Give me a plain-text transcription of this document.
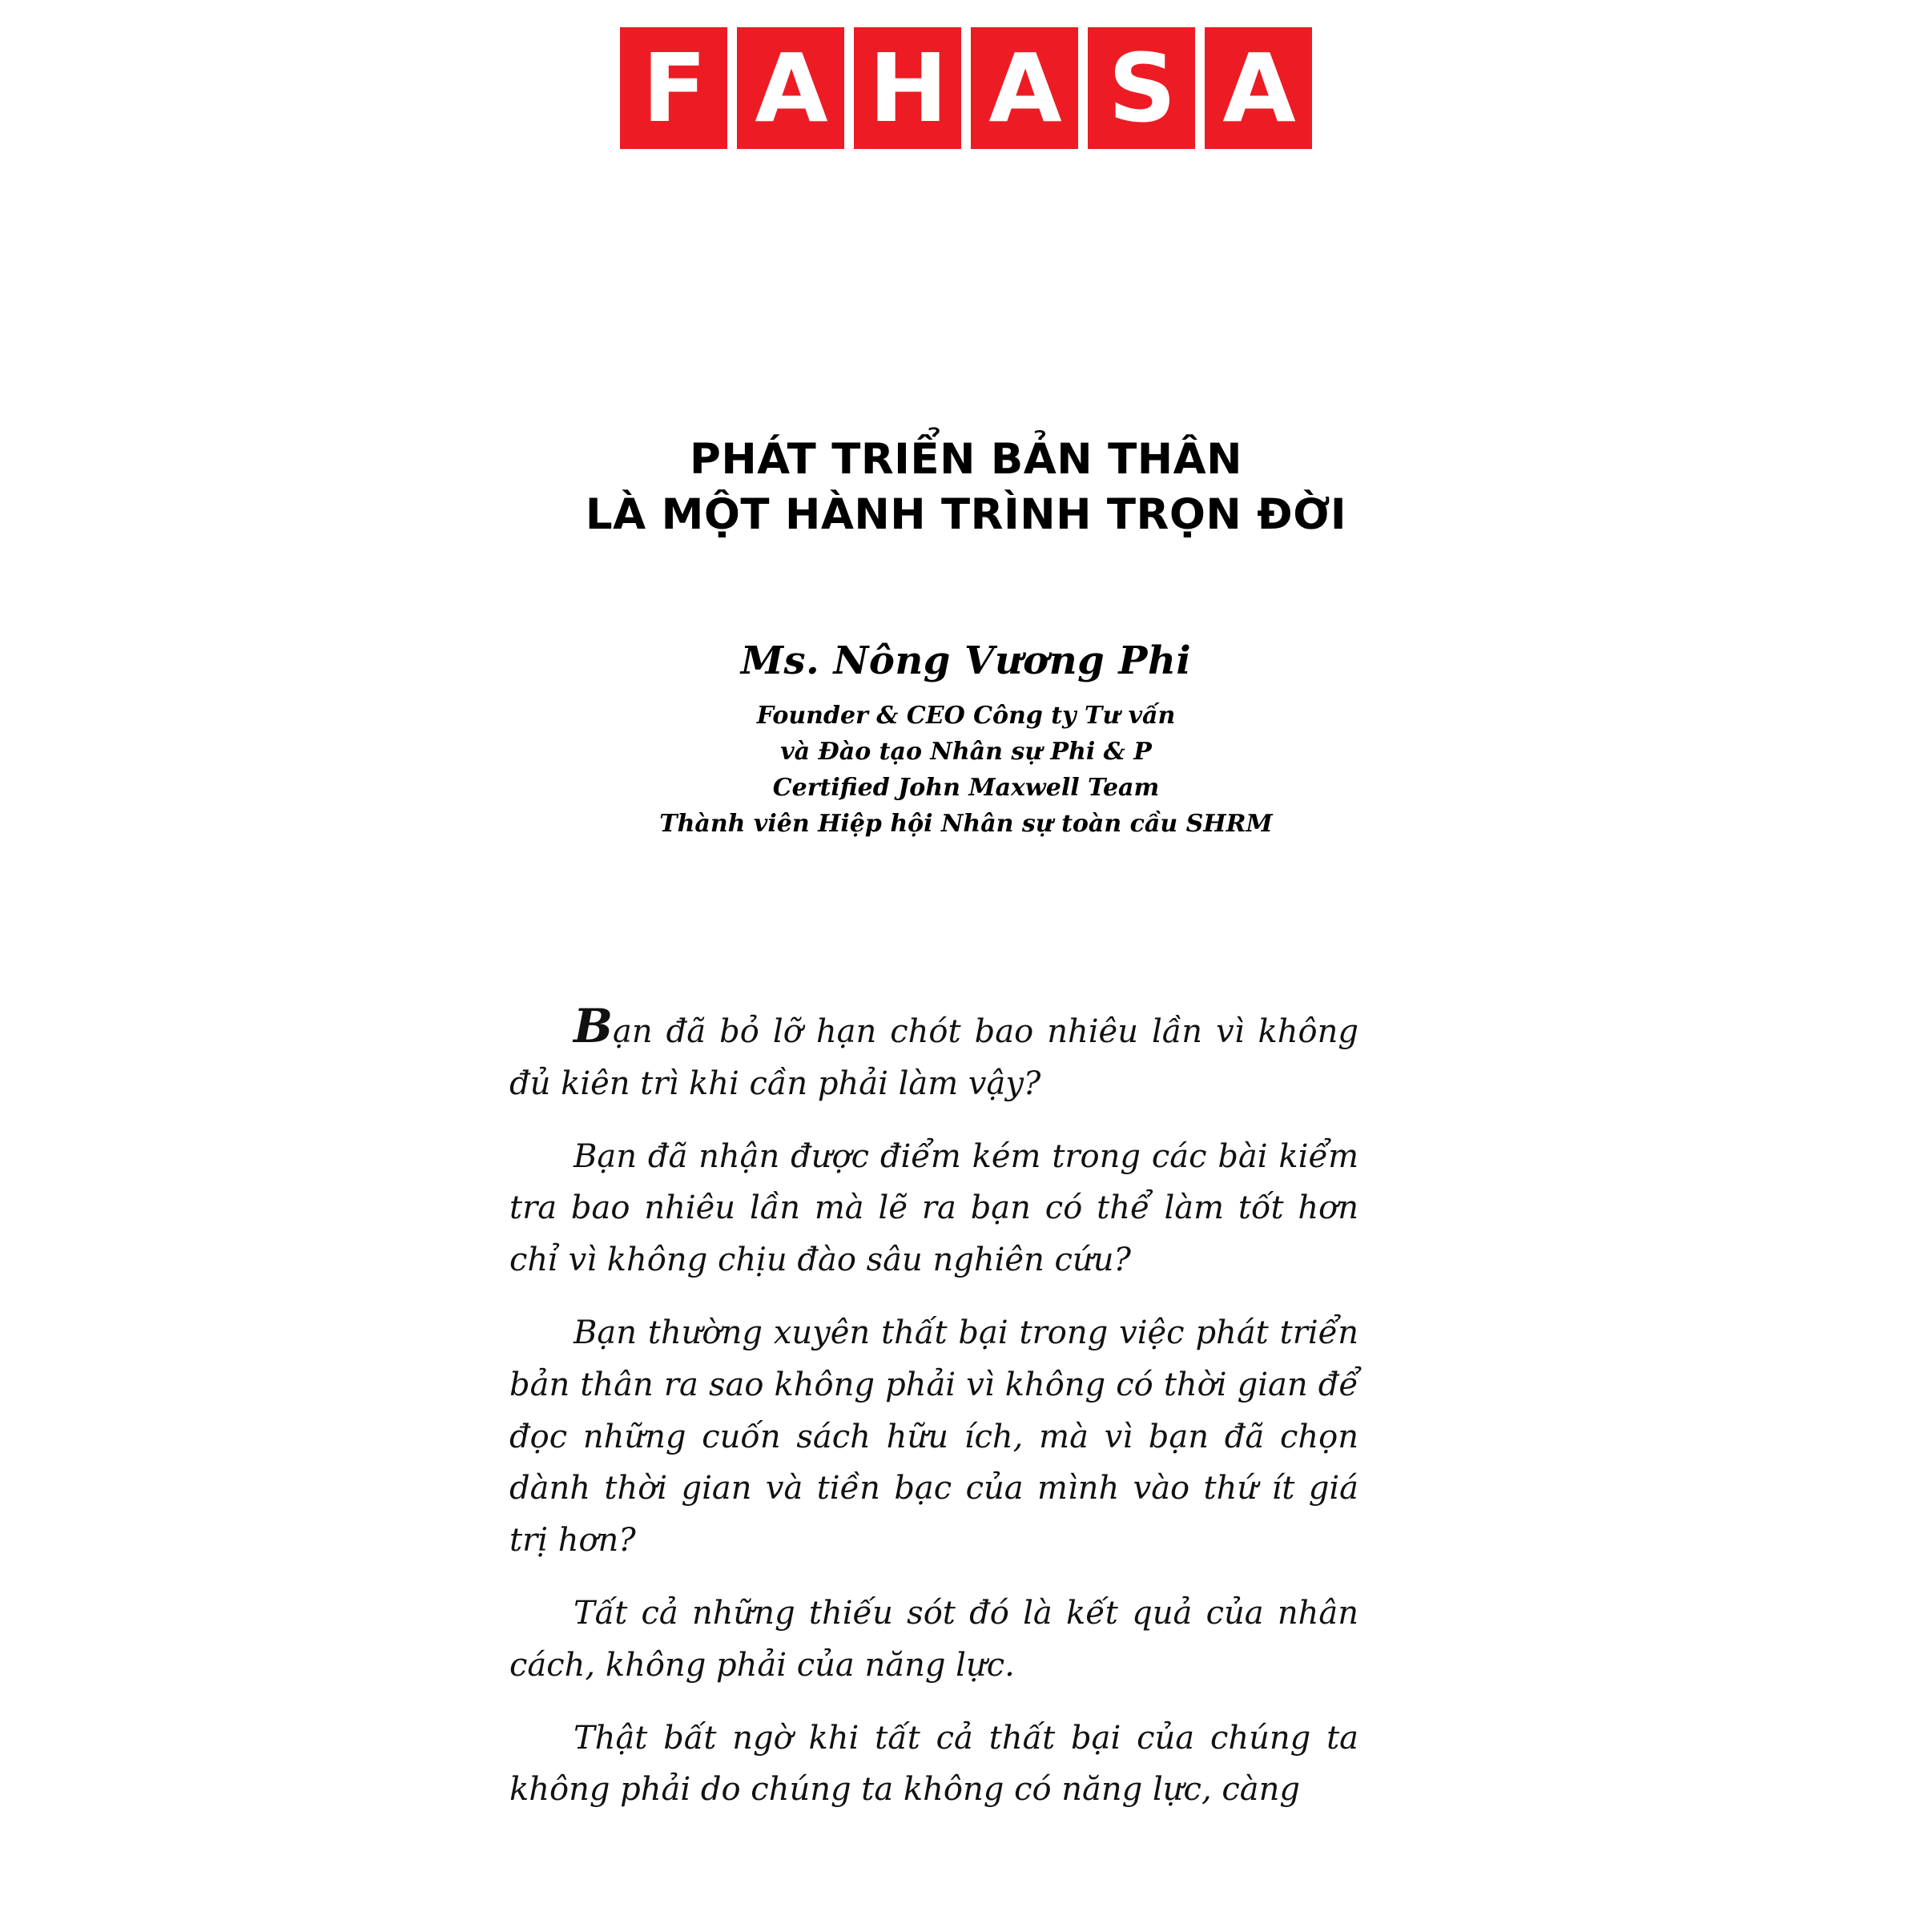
F A H A S A
PHÁT TRIỂN BẢN THÂN
LÀ MỘT HÀNH TRÌNH TRỌN ĐỜI
Ms. Nông Vương Phi
Founder & CEO Công ty Tư vấn
và Đào tạo Nhân sự Phi & P
Certified John Maxwell Team
Thành viên Hiệp hội Nhân sự toàn cầu SHRM

Bạn đã bỏ lỡ hạn chót bao nhiêu lần vì không đủ kiên trì khi cần phải làm vậy?

Bạn đã nhận được điểm kém trong các bài kiểm tra bao nhiêu lần mà lẽ ra bạn có thể làm tốt hơn chỉ vì không chịu đào sâu nghiên cứu?

Bạn thường xuyên thất bại trong việc phát triển bản thân ra sao không phải vì không có thời gian để đọc những cuốn sách hữu ích, mà vì bạn đã chọn dành thời gian và tiền bạc của mình vào thứ ít giá trị hơn?

Tất cả những thiếu sót đó là kết quả của nhân cách, không phải của năng lực.

Thật bất ngờ khi tất cả thất bại của chúng ta không phải do chúng ta không có năng lực, càng
